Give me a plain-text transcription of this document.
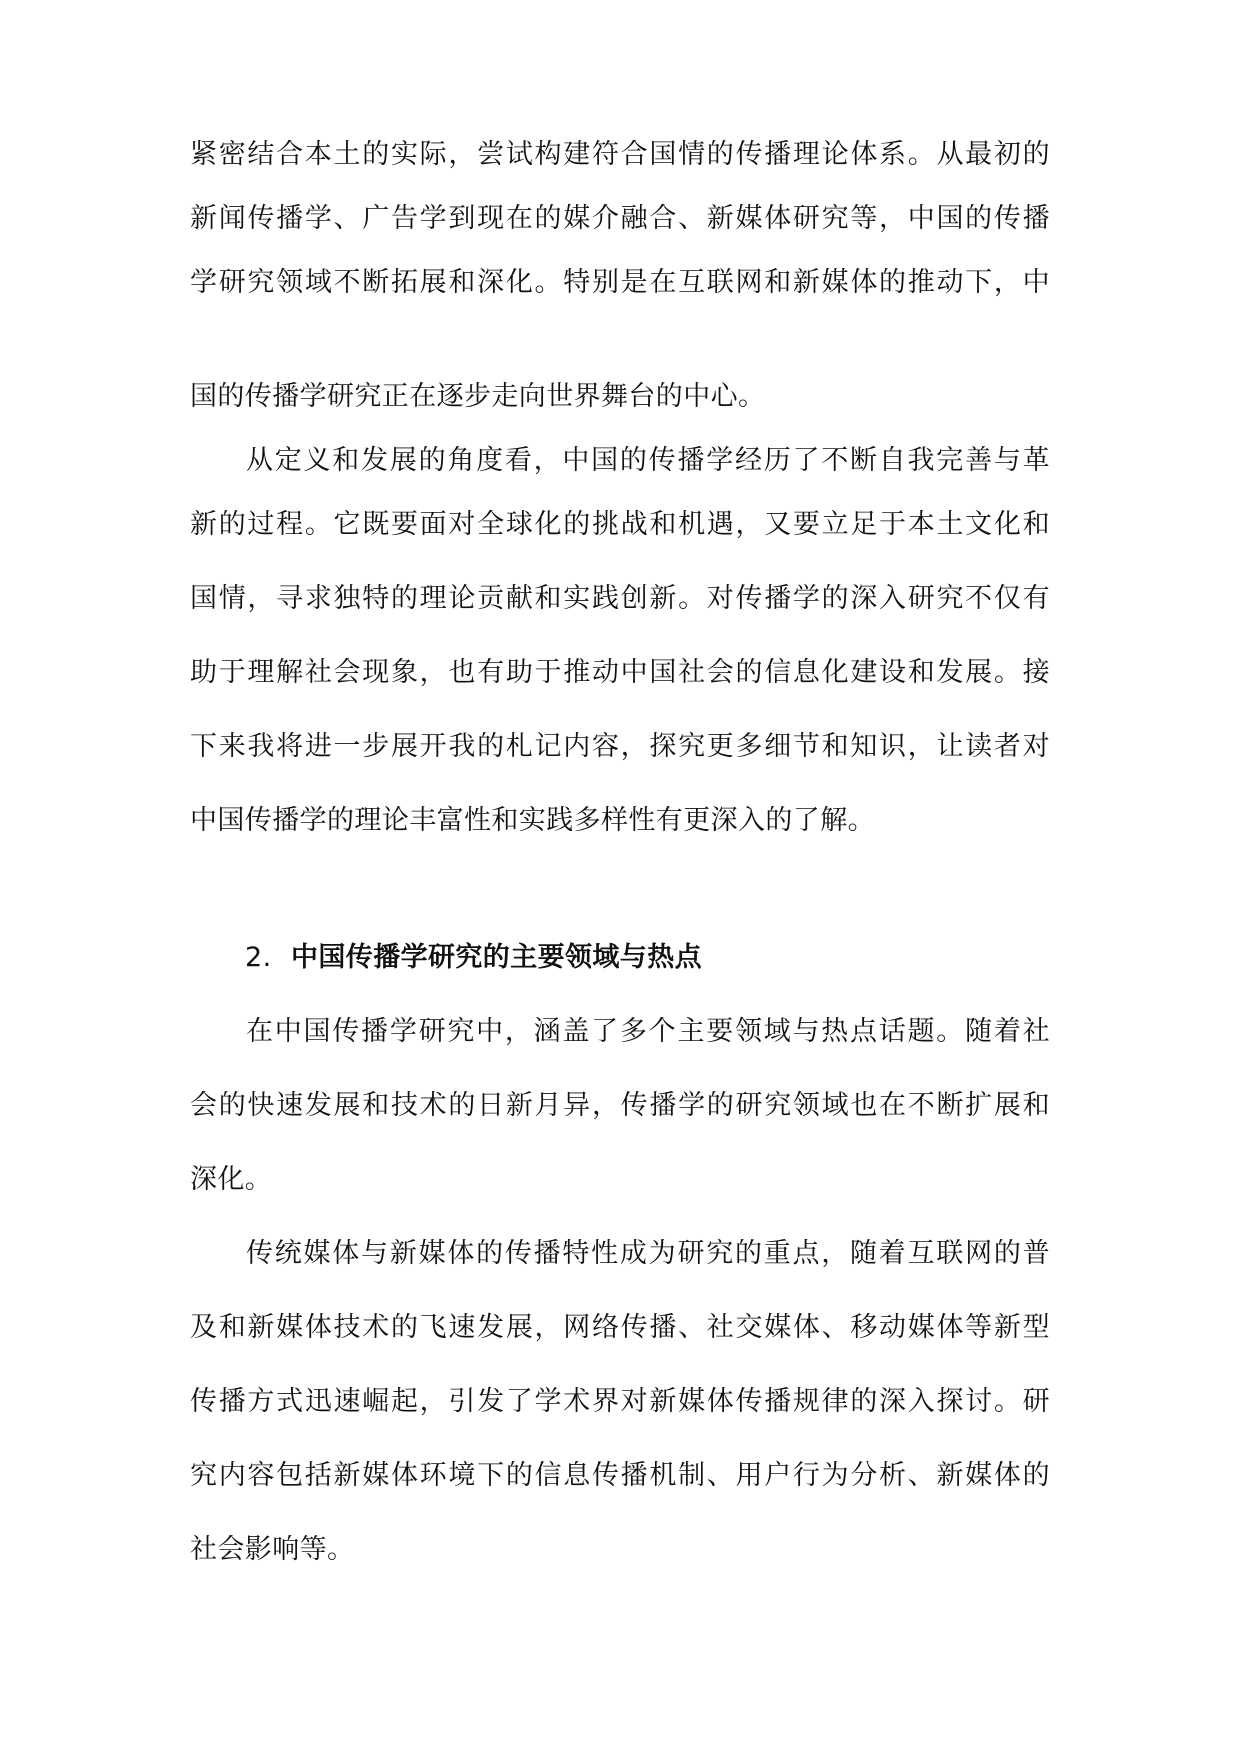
紧密结合本土的实际，尝试构建符合国情的传播理论体系。从最初的
新闻传播学、广告学到现在的媒介融合、新媒体研究等，中国的传播
学研究领域不断拓展和深化。特别是在互联网和新媒体的推动下，中
国的传播学研究正在逐步走向世界舞台的中心。
从定义和发展的角度看，中国的传播学经历了不断自我完善与革
新的过程。它既要面对全球化的挑战和机遇，又要立足于本土文化和
国情，寻求独特的理论贡献和实践创新。对传播学的深入研究不仅有
助于理解社会现象，也有助于推动中国社会的信息化建设和发展。接
下来我将进一步展开我的札记内容，探究更多细节和知识，让读者对
中国传播学的理论丰富性和实践多样性有更深入的了解。
2. 中国传播学研究的主要领域与热点
在中国传播学研究中，涵盖了多个主要领域与热点话题。随着社
会的快速发展和技术的日新月异，传播学的研究领域也在不断扩展和
深化。
传统媒体与新媒体的传播特性成为研究的重点，随着互联网的普
及和新媒体技术的飞速发展，网络传播、社交媒体、移动媒体等新型
传播方式迅速崛起，引发了学术界对新媒体传播规律的深入探讨。研
究内容包括新媒体环境下的信息传播机制、用户行为分析、新媒体的
社会影响等。
